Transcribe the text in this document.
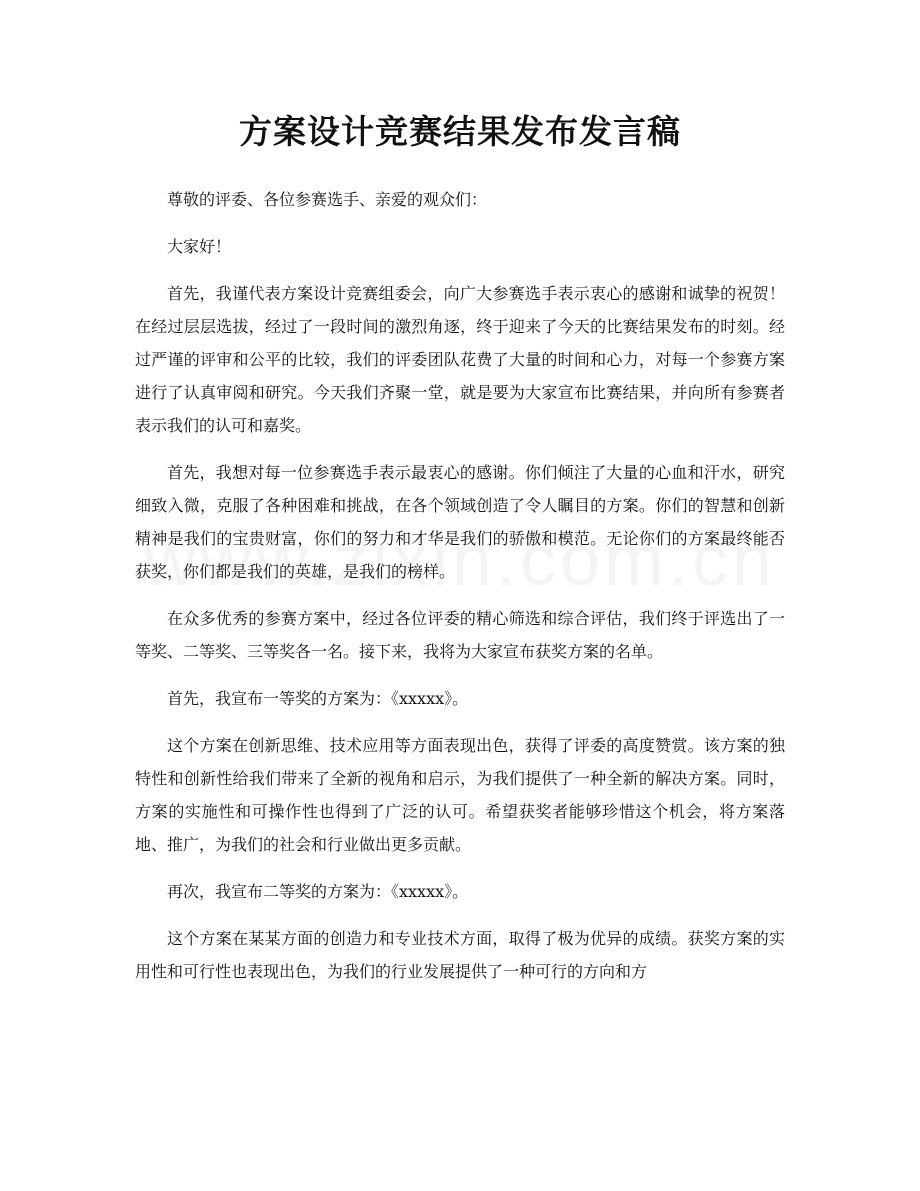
方案设计竞赛结果发布发言稿

尊敬的评委、各位参赛选手、亲爱的观众们：

大家好！

首先，我谨代表方案设计竞赛组委会，向广大参赛选手表示衷心的感谢和诚挚的祝贺！在经过层层选拔，经过了一段时间的激烈角逐，终于迎来了今天的比赛结果发布的时刻。经过严谨的评审和公平的比较，我们的评委团队花费了大量的时间和心力，对每一个参赛方案进行了认真审阅和研究。今天我们齐聚一堂，就是要为大家宣布比赛结果，并向所有参赛者表示我们的认可和嘉奖。

首先，我想对每一位参赛选手表示最衷心的感谢。你们倾注了大量的心血和汗水，研究细致入微，克服了各种困难和挑战，在各个领域创造了令人瞩目的方案。你们的智慧和创新精神是我们的宝贵财富，你们的努力和才华是我们的骄傲和模范。无论你们的方案最终能否获奖，你们都是我们的英雄，是我们的榜样。

在众多优秀的参赛方案中，经过各位评委的精心筛选和综合评估，我们终于评选出了一等奖、二等奖、三等奖各一名。接下来，我将为大家宣布获奖方案的名单。

首先，我宣布一等奖的方案为：《xxxxx》。

这个方案在创新思维、技术应用等方面表现出色，获得了评委的高度赞赏。该方案的独特性和创新性给我们带来了全新的视角和启示，为我们提供了一种全新的解决方案。同时，方案的实施性和可操作性也得到了广泛的认可。希望获奖者能够珍惜这个机会，将方案落地、推广，为我们的社会和行业做出更多贡献。

再次，我宣布二等奖的方案为：《xxxxx》。

这个方案在某某方面的创造力和专业技术方面，取得了极为优异的成绩。获奖方案的实用性和可行性也表现出色，为我们的行业发展提供了一种可行的方向和方
